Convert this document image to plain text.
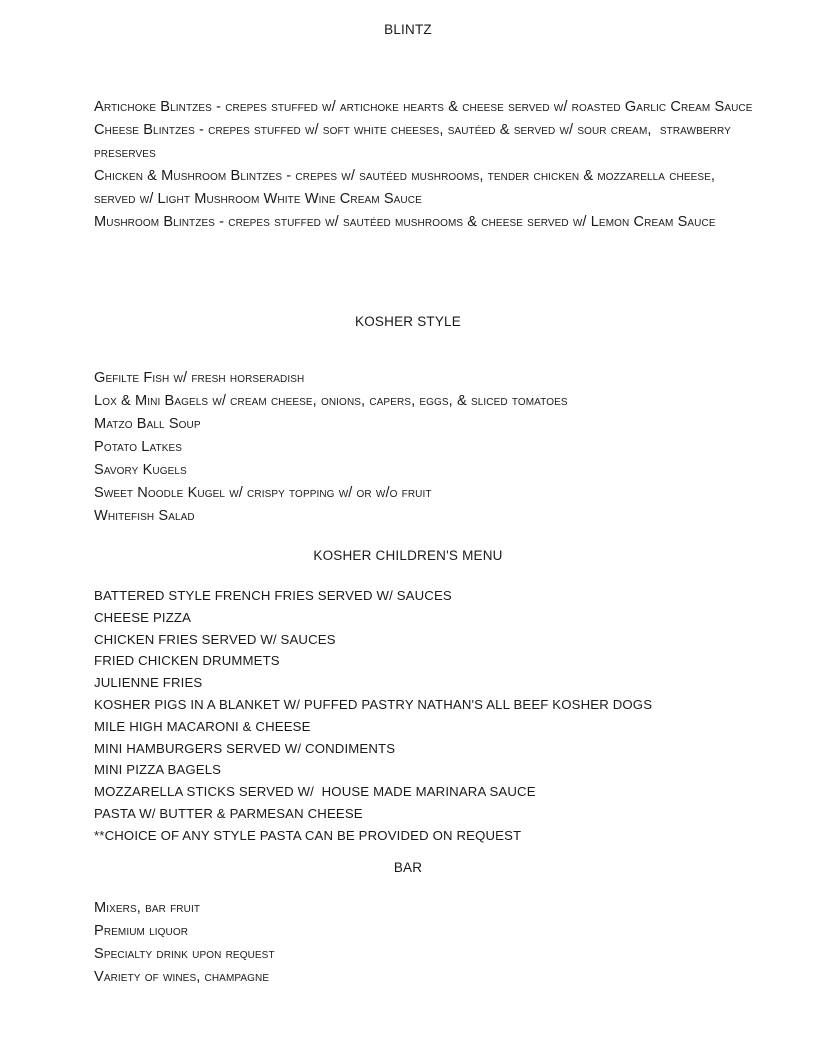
BLINTZ
Artichoke Blintzes - crepes stuffed w/ artichoke hearts & cheese served w/ roasted Garlic Cream Sauce
Cheese Blintzes - crepes stuffed w/ soft white cheeses, sautéed & served w/ sour cream,  strawberry preserves
Chicken & Mushroom Blintzes - crepes w/ sautéed mushrooms, tender chicken & mozzarella cheese, served w/ Light Mushroom White Wine Cream Sauce
Mushroom Blintzes - crepes stuffed w/ sautéed mushrooms & cheese served w/ Lemon Cream Sauce
KOSHER STYLE
Gefilte Fish w/ fresh horseradish
Lox & Mini Bagels w/ cream cheese, onions, capers, eggs, & sliced tomatoes
Matzo Ball Soup
Potato Latkes
Savory Kugels
Sweet Noodle Kugel w/ crispy topping w/ or w/o fruit
Whitefish Salad
KOSHER CHILDREN'S MENU
BATTERED STYLE FRENCH FRIES SERVED W/ SAUCES
CHEESE PIZZA
CHICKEN FRIES SERVED W/ SAUCES
FRIED CHICKEN DRUMMETS
JULIENNE FRIES
KOSHER PIGS IN A BLANKET W/ PUFFED PASTRY NATHAN'S ALL BEEF KOSHER DOGS
MILE HIGH MACARONI & CHEESE
MINI HAMBURGERS SERVED W/ CONDIMENTS
MINI PIZZA BAGELS
MOZZARELLA STICKS SERVED W/  HOUSE MADE MARINARA SAUCE
PASTA W/ BUTTER & PARMESAN CHEESE
**CHOICE OF ANY STYLE PASTA CAN BE PROVIDED ON REQUEST
BAR
Mixers, bar fruit
Premium liquor
Specialty drink upon request
Variety of wines, champagne
